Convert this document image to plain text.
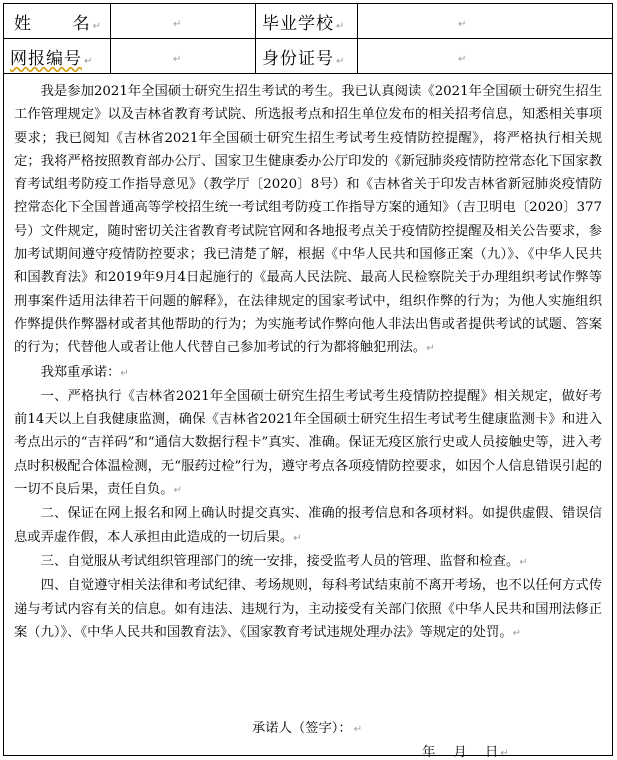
姓 名 ↵	↵	毕业学校 ↵	↵
网报编号 ↵	↵	身份证号 ↵	↵

我是参加2021年全国硕士研究生招生考试的考生。我已认真阅读《2021年全国硕士研究生招生工作管理规定》以及吉林省教育考试院、所选报考点和招生单位发布的相关招考信息，知悉相关事项要求；我已阅知《吉林省2021年全国硕士研究生招生考试考生疫情防控提醒》，将严格执行相关规定；我将严格按照教育部办公厅、国家卫生健康委办公厅印发的《新冠肺炎疫情防控常态化下国家教育考试组考防疫工作指导意见》（教学厅〔2020〕8号）和《吉林省关于印发吉林省新冠肺炎疫情防控常态化下全国普通高等学校招生统一考试组考防疫工作指导方案的通知》（吉卫明电〔2020〕377号）文件规定，随时密切关注省教育考试院官网和各地报考点关于疫情防控提醒及相关公告要求，参加考试期间遵守疫情防控要求；我已清楚了解，根据《中华人民共和国修正案（九）》、《中华人民共和国教育法》和2019年9月4日起施行的《最高人民法院、最高人民检察院关于办理组织考试作弊等刑事案件适用法律若干问题的解释》，在法律规定的国家考试中，组织作弊的行为；为他人实施组织作弊提供作弊器材或者其他帮助的行为；为实施考试作弊向他人非法出售或者提供考试的试题、答案的行为；代替他人或者让他人代替自己参加考试的行为都将触犯刑法。↵

我郑重承诺：↵

一、严格执行《吉林省2021年全国硕士研究生招生考试考生疫情防控提醒》相关规定，做好考前14天以上自我健康监测，确保《吉林省2021年全国硕士研究生招生考试考生健康监测卡》和进入考点出示的“吉祥码”和“通信大数据行程卡”真实、准确。保证无疫区旅行史或人员接触史等，进入考点时积极配合体温检测，无“服药过检”行为，遵守考点各项疫情防控要求，如因个人信息错误引起的一切不良后果，责任自负。↵

二、保证在网上报名和网上确认时提交真实、准确的报考信息和各项材料。如提供虚假、错误信息或弄虚作假，本人承担由此造成的一切后果。↵

三、自觉服从考试组织管理部门的统一安排，接受监考人员的管理、监督和检查。↵

四、自觉遵守相关法律和考试纪律、考场规则，每科考试结束前不离开考场，也不以任何方式传递与考试内容有关的信息。如有违法、违规行为，主动接受有关部门依照《中华人民共和国刑法修正案（九）》、《中华人民共和国教育法》、《国家教育考试违规处理办法》等规定的处罚。↵

承诺人（签字）： ↵
年 月 日 ↵
